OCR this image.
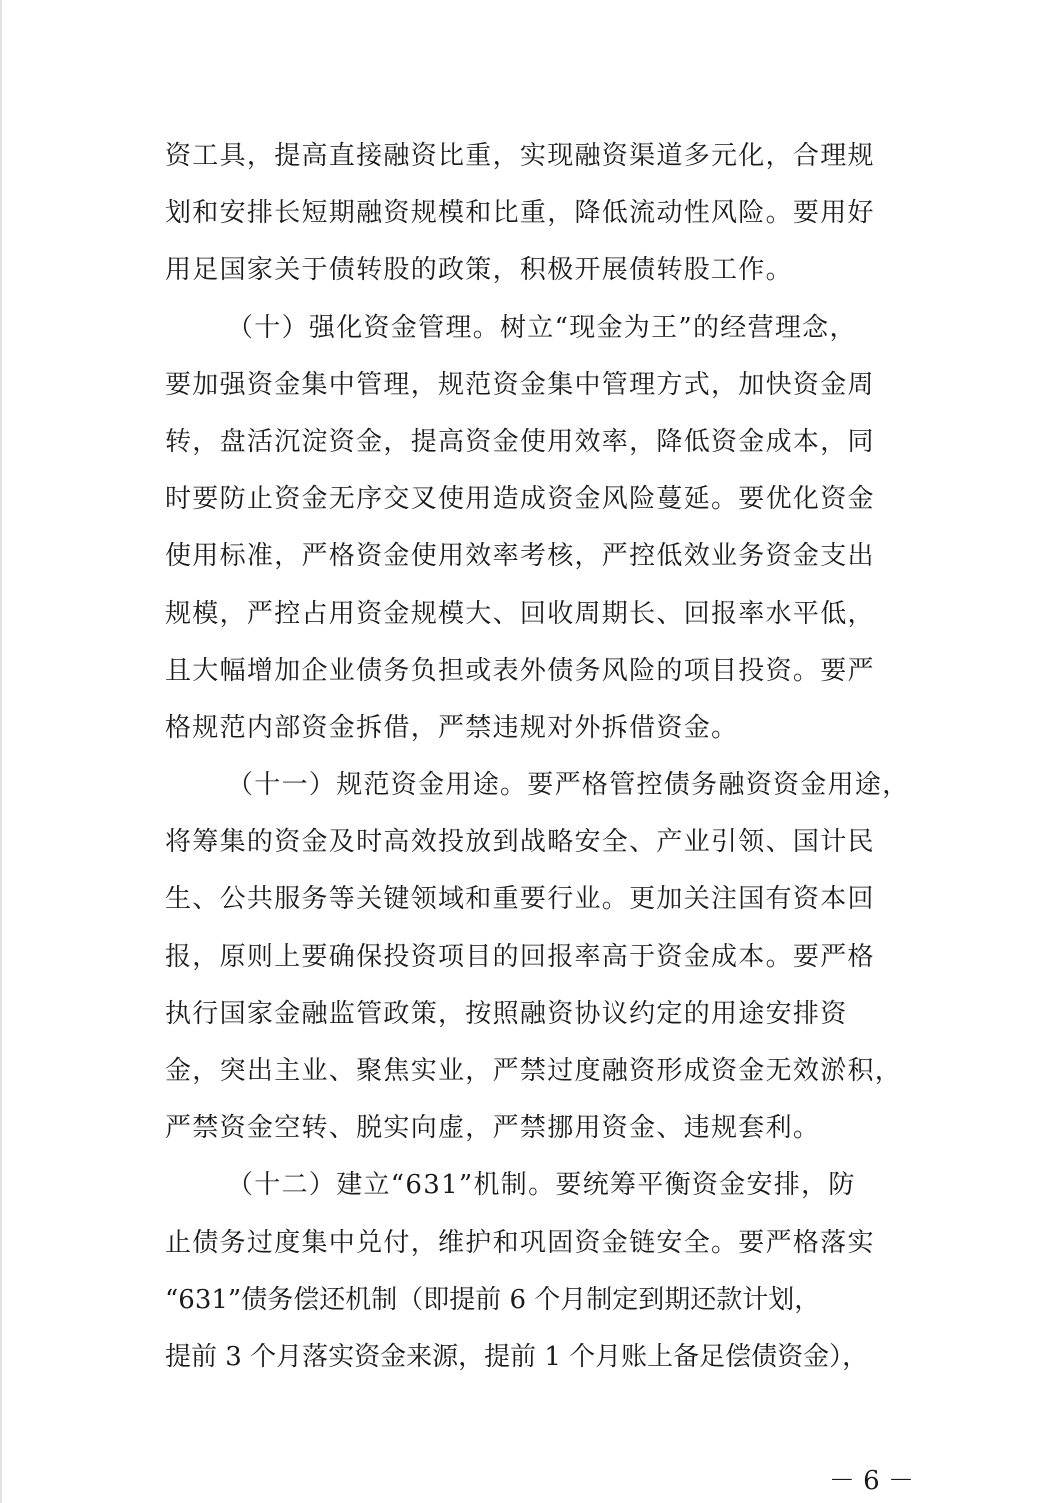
资工具，提高直接融资比重，实现融资渠道多元化，合理规
划和安排长短期融资规模和比重，降低流动性风险。要用好
用足国家关于债转股的政策，积极开展债转股工作。
（十）强化资金管理。树立“现金为王”的经营理念，
要加强资金集中管理，规范资金集中管理方式，加快资金周
转，盘活沉淀资金，提高资金使用效率，降低资金成本，同
时要防止资金无序交叉使用造成资金风险蔓延。要优化资金
使用标准，严格资金使用效率考核，严控低效业务资金支出
规模，严控占用资金规模大、回收周期长、回报率水平低，
且大幅增加企业债务负担或表外债务风险的项目投资。要严
格规范内部资金拆借，严禁违规对外拆借资金。
（十一）规范资金用途。要严格管控债务融资资金用途，
将筹集的资金及时高效投放到战略安全、产业引领、国计民
生、公共服务等关键领域和重要行业。更加关注国有资本回
报，原则上要确保投资项目的回报率高于资金成本。要严格
执行国家金融监管政策，按照融资协议约定的用途安排资
金，突出主业、聚焦实业，严禁过度融资形成资金无效淤积，
严禁资金空转、脱实向虚，严禁挪用资金、违规套利。
（十二）建立“631”机制。要统筹平衡资金安排，防
止债务过度集中兑付，维护和巩固资金链安全。要严格落实
“631”债务偿还机制（即提前 6 个月制定到期还款计划，
提前 3 个月落实资金来源，提前 1 个月账上备足偿债资金），
－ 6 －
